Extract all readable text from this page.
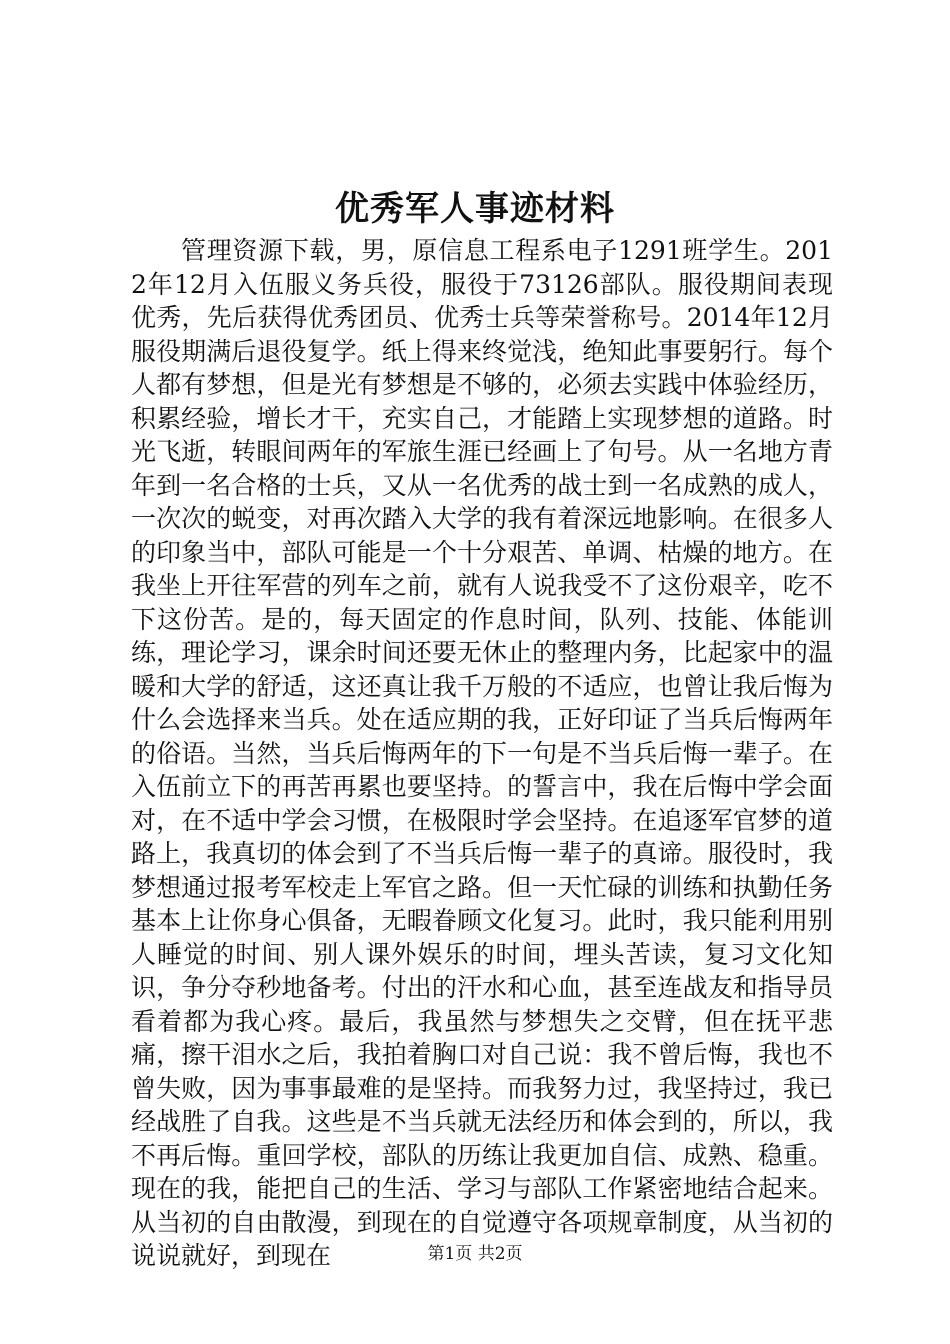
优秀军人事迹材料

管理资源下载，男，原信息工程系电子1291班学生。2012年12月入伍服义务兵役，服役于73126部队。服役期间表现优秀，先后获得优秀团员、优秀士兵等荣誉称号。2014年12月服役期满后退役复学。纸上得来终觉浅，绝知此事要躬行。每个人都有梦想，但是光有梦想是不够的，必须去实践中体验经历，积累经验，增长才干，充实自己，才能踏上实现梦想的道路。时光飞逝，转眼间两年的军旅生涯已经画上了句号。从一名地方青年到一名合格的士兵，又从一名优秀的战士到一名成熟的成人，一次次的蜕变，对再次踏入大学的我有着深远地影响。在很多人的印象当中，部队可能是一个十分艰苦、单调、枯燥的地方。在我坐上开往军营的列车之前，就有人说我受不了这份艰辛，吃不下这份苦。是的，每天固定的作息时间，队列、技能、体能训练，理论学习，课余时间还要无休止的整理内务，比起家中的温暖和大学的舒适，这还真让我千万般的不适应，也曾让我后悔为什么会选择来当兵。处在适应期的我，正好印证了当兵后悔两年的俗语。当然，当兵后悔两年的下一句是不当兵后悔一辈子。在入伍前立下的再苦再累也要坚持。的誓言中，我在后悔中学会面对，在不适中学会习惯，在极限时学会坚持。在追逐军官梦的道路上，我真切的体会到了不当兵后悔一辈子的真谛。服役时，我梦想通过报考军校走上军官之路。但一天忙碌的训练和执勤任务基本上让你身心俱备，无暇眷顾文化复习。此时，我只能利用别人睡觉的时间、别人课外娱乐的时间，埋头苦读，复习文化知识，争分夺秒地备考。付出的汗水和心血，甚至连战友和指导员看着都为我心疼。最后，我虽然与梦想失之交臂，但在抚平悲痛，擦干泪水之后，我拍着胸口对自己说：我不曾后悔，我也不曾失败，因为事事最难的是坚持。而我努力过，我坚持过，我已经战胜了自我。这些是不当兵就无法经历和体会到的，所以，我不再后悔。重回学校，部队的历练让我更加自信、成熟、稳重。现在的我，能把自己的生活、学习与部队工作紧密地结合起来。从当初的自由散漫，到现在的自觉遵守各项规章制度，从当初的说说就好，到现在	第1页 共2页
